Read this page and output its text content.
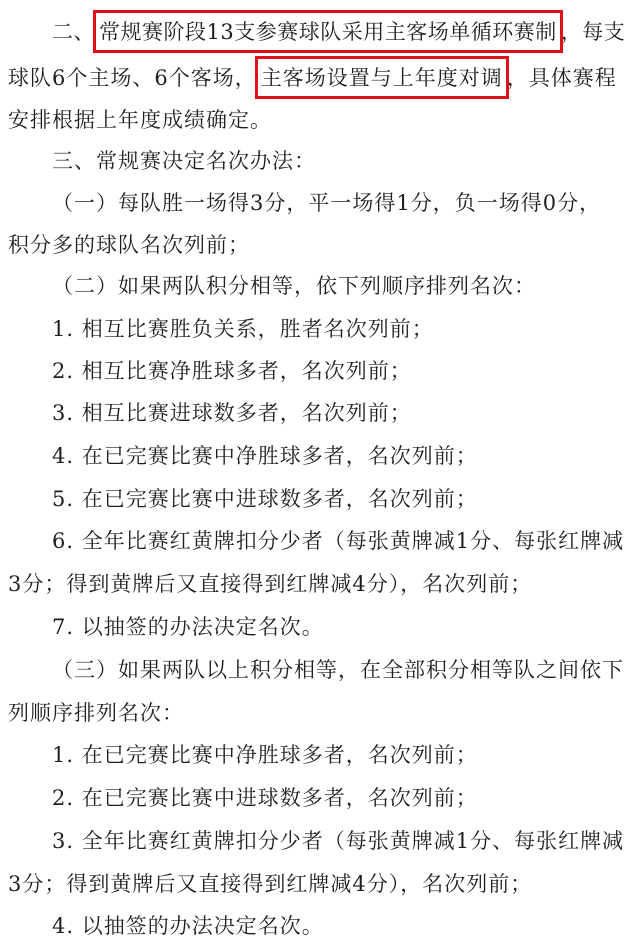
二、 常规赛阶段13支参赛球队采用主客场单循环赛制 ，每支
球队6个主场、6个客场， 主客场设置与上年度对调 ，具体赛程
安排根据上年度成绩确定。
三、常规赛决定名次办法：
（一）每队胜一场得3分，平一场得1分，负一场得0分，
积分多的球队名次列前；
（二）如果两队积分相等，依下列顺序排列名次：
1. 相互比赛胜负关系，胜者名次列前；
2. 相互比赛净胜球多者，名次列前；
3. 相互比赛进球数多者，名次列前；
4. 在已完赛比赛中净胜球多者，名次列前；
5. 在已完赛比赛中进球数多者，名次列前；
6. 全年比赛红黄牌扣分少者（每张黄牌减1分、每张红牌减
3分；得到黄牌后又直接得到红牌减4分），名次列前；
7. 以抽签的办法决定名次。
（三）如果两队以上积分相等，在全部积分相等队之间依下
列顺序排列名次：
1. 在已完赛比赛中净胜球多者，名次列前；
2. 在已完赛比赛中进球数多者，名次列前；
3. 全年比赛红黄牌扣分少者（每张黄牌减1分、每张红牌减
3分；得到黄牌后又直接得到红牌减4分），名次列前；
4. 以抽签的办法决定名次。
